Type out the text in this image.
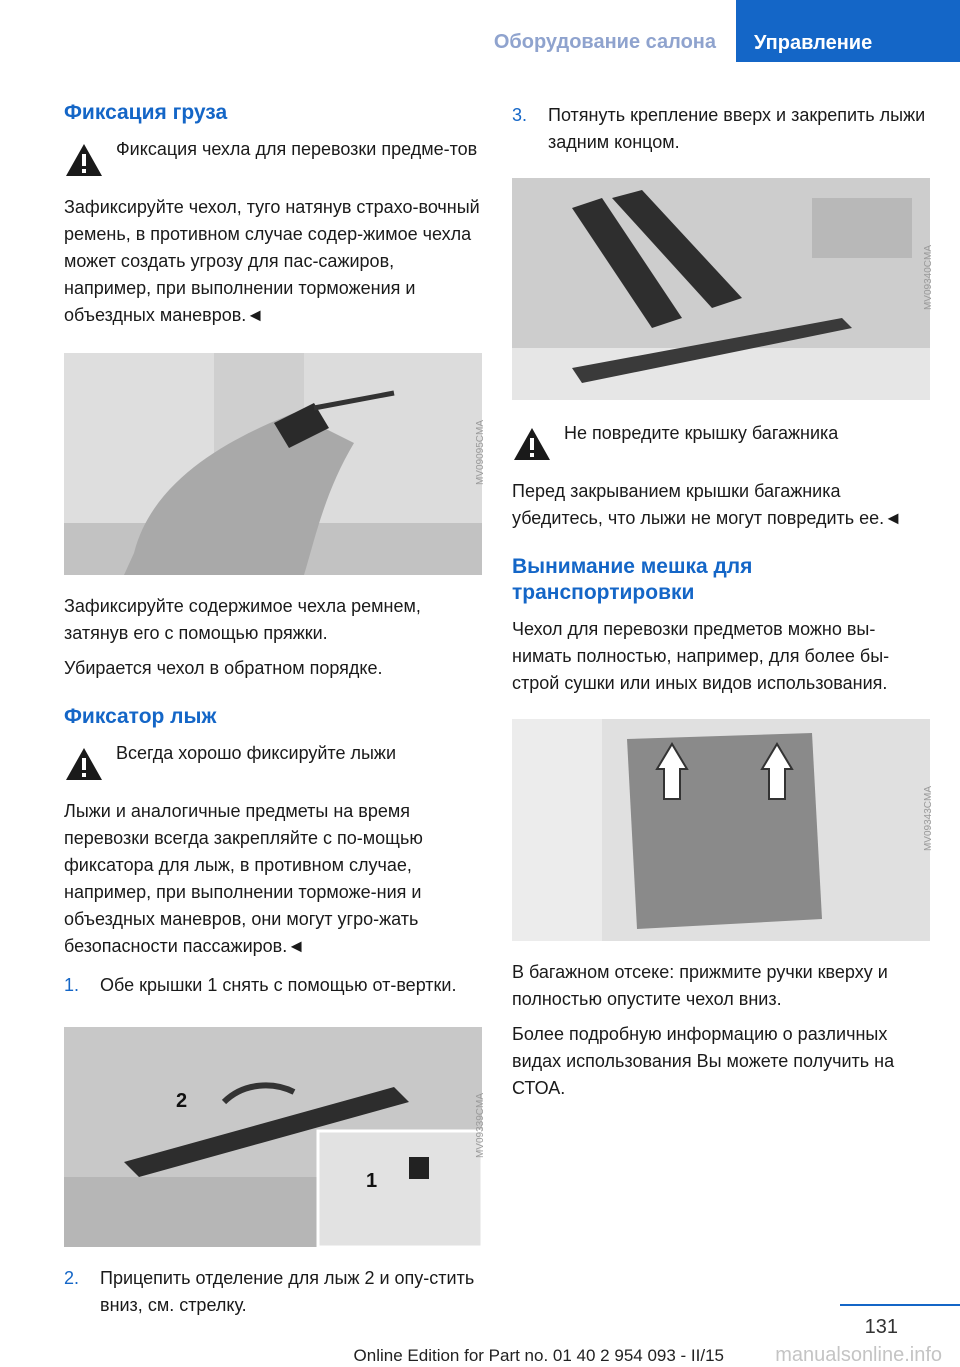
Оборудование салона	Управление
Фиксация груза
Фиксация чехла для перевозки предме-тов
Зафиксируйте чехол, туго натянув страхо-вочный ремень, в противном случае содер-жимое чехла может создать угрозу для пас-сажиров, например, при выполнении торможения и объездных маневров.◄
MV09095CMA

Зафиксируйте содержимое чехла ремнем, затянув его с помощью пряжки.

Убирается чехол в обратном порядке.

Фиксатор лыж
Всегда хорошо фиксируйте лыжи
Лыжи и аналогичные предметы на время перевозки всегда закрепляйте с по-мощью фиксатора для лыж, в противном случае, например, при выполнении торможе-ния и объездных маневров, они могут угро-жать безопасности пассажиров.◄
1. Обе крышки 1 снять с помощью от-вертки.
2
1
MV09339CMA
2. Прицепить отделение для лыж 2 и опу-стить вниз, см. стрелку.
3. Потянуть крепление вверх и закрепить лыжи задним концом.
MV09340CMA
Не повредите крышку багажника
Перед закрыванием крышки багажника убедитесь, что лыжи не могут повредить ее.◄
Вынимание мешка для транспортировки

Чехол для перевозки предметов можно вы-нимать полностью, например, для более бы-строй сушки или иных видов использования.

MV09343CMA

В багажном отсеке: прижмите ручки кверху и полностью опустите чехол вниз.

Более подробную информацию о различных видах использования Вы можете получить на СТОА.

131
Online Edition for Part no. 01 40 2 954 093 - II/15	manualsonline.info
